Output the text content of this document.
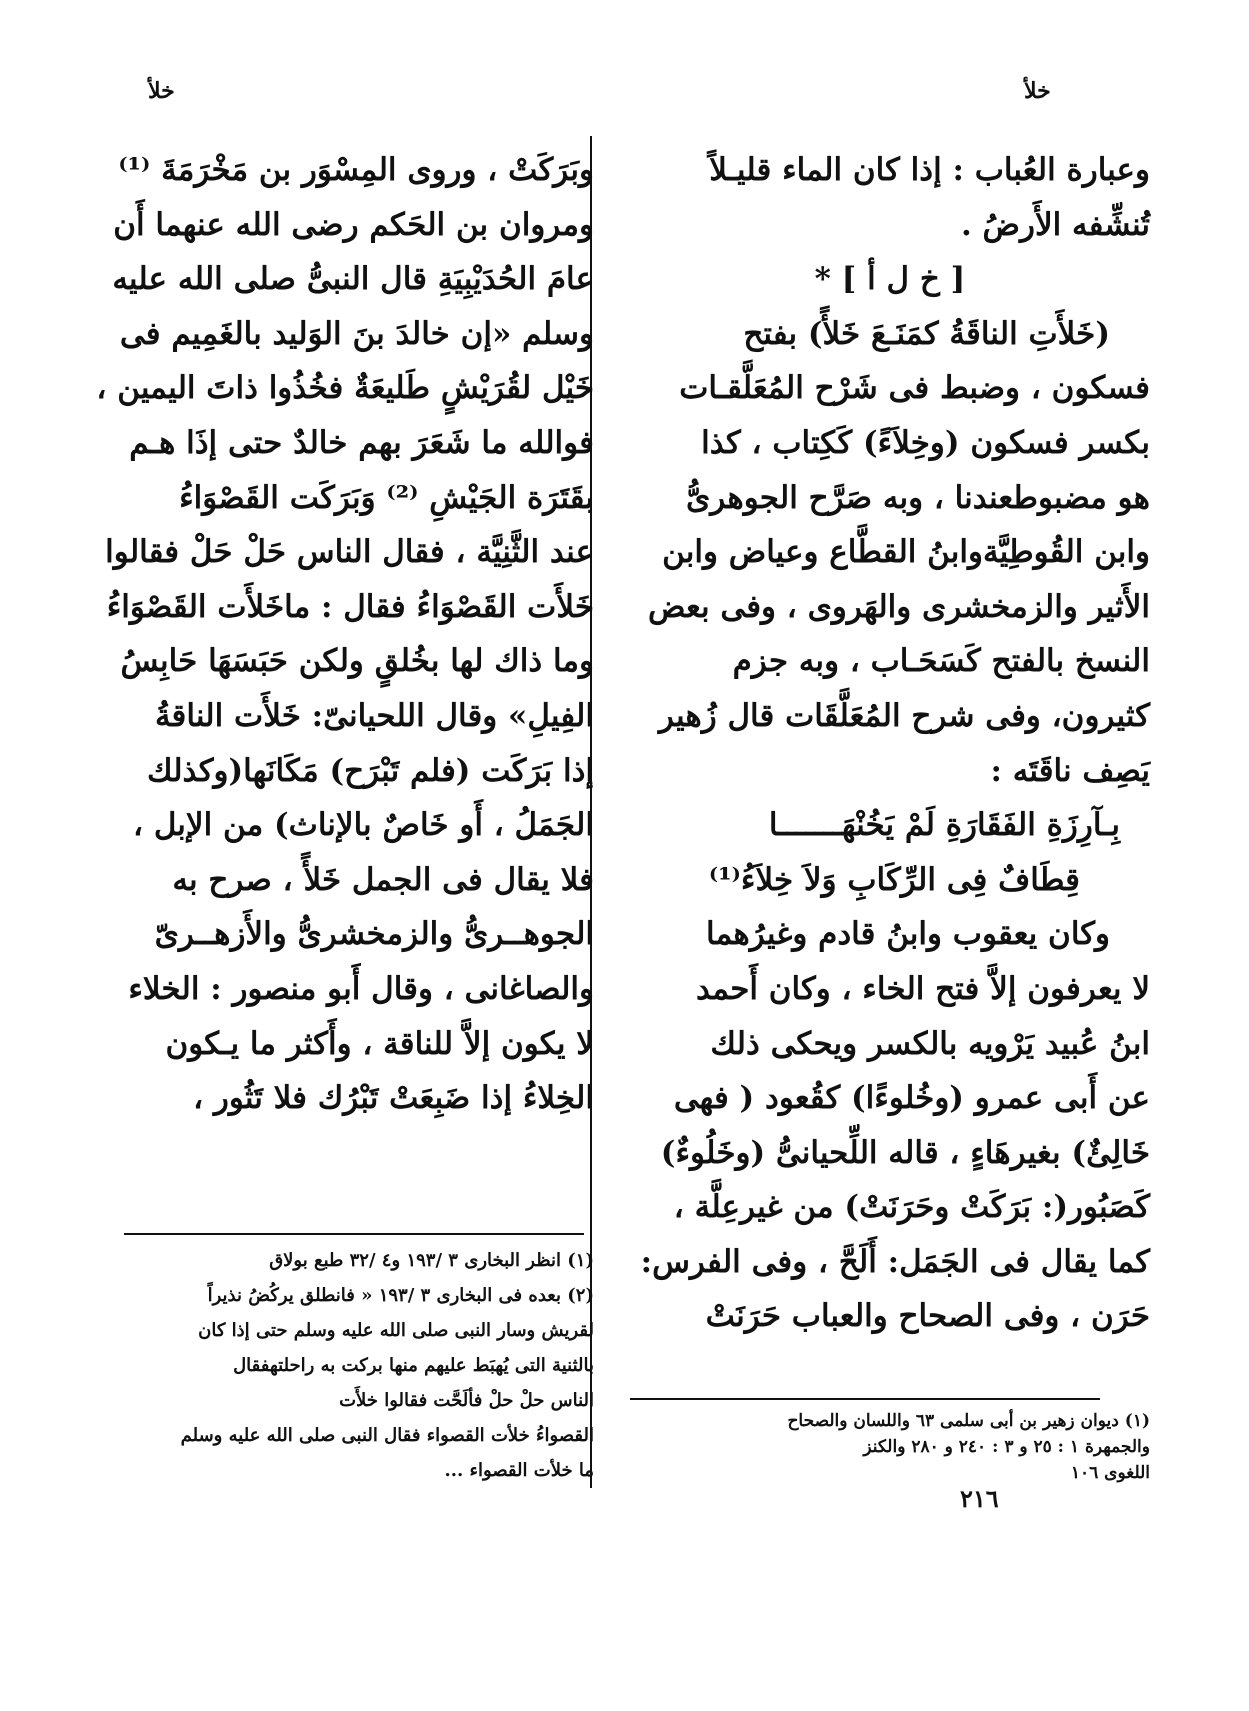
خلأ	خلأ
وعبارة العُباب : إذا كان الماء قليـلاً
تُنشِّفه الأَرضُ .
[ خ ل أ ] *
(خَلأَتِ الناقَةُ كمَنَـعَ خَلأً) بفتح
فسكون ، وضبط فى شَرْح المُعَلَّقـات
بكسر فسكون (وخِلاَءً) كَكِتاب ، كذا
هو مضبوطعندنا ، وبه صَرَّح الجوهرىُّ
وابن القُوطِيَّةوابنُ القطَّاع وعياض وابن
الأَثير والزمخشرى والهَروى ، وفى بعض
النسخ بالفتح كَسَحَـاب ، وبه جزم
كثيرون، وفى شرح المُعَلَّقَات قال زُهير
يَصِف ناقَتَه :
بِـآرِزَةِ الفَقَارَةِ لَمْ يَخُنْهَـــــــا
قِطَافٌ فِى الرِّكَابِ وَلاَ خِلاَءُ⁽¹⁾
وكان يعقوب وابنُ قادم وغيرُهما
لا يعرفون إلاَّ فتح الخاء ، وكان أَحمد
ابنُ عُبيد يَرْويه بالكسر ويحكى ذلك
عن أَبى عمرو (وخُلوءًا) كقُعود ( فهى
خَالِئٌ) بغيرهَاءٍ ، قاله اللِّحيانىُّ (وخَلُوءٌ)
كَصَبُور(: بَرَكَتْ وحَرَنَتْ) من غيرعِلَّة ،
كما يقال فى الجَمَل: أَلَحَّ ، وفى الفرس:
حَرَن ، وفى الصحاح والعباب حَرَنَتْ
وبَرَكَتْ ، وروى المِسْوَر بن مَخْرَمَةَ ⁽¹⁾
ومروان بن الحَكم رضى الله عنهما أَن
عامَ الحُدَيْبِيَةِ قال النبىُّ صلى الله عليه
وسلم «إن خالدَ بنَ الوَليد بالغَمِيم فى
خَيْل لقُرَيْشٍ طَليعَةٌ فخُذُوا ذاتَ اليمين ،
فوالله ما شَعَرَ بهم خالدٌ حتى إذَا هـم
بقَتَرَة الجَيْشِ ⁽²⁾ وَبَرَكَت القَصْوَاءُ
عند الثَّنِيَّة ، فقال الناس حَلْ حَلْ فقالوا
خَلأَت القَصْوَاءُ فقال : ماخَلأَت القَصْوَاءُ
وما ذاك لها بخُلقٍ ولكن حَبَسَهَا حَابِسُ
الفِيلِ» وقال اللحيانىّ: خَلأَت الناقةُ
إذا بَرَكَت (فلم تَبْرَح) مَكَانَها(وكذلك
الجَمَلُ ، أَو خَاصٌ بالإناث) من الإبل ،
فلا يقال فى الجمل خَلأً ، صرح به
الجوهــرىُّ والزمخشرىُّ والأَزهــرىّ
والصاغانى ، وقال أَبو منصور : الخلاء
لا يكون إلاَّ للناقة ، وأَكثر ما يـكون
الخِلاءُ إذا ضَبِعَتْ تَبْرُك فلا تَثُور ،
(١) انظر البخارى ٣ /١٩٣ و٤ /٣٢ طبع بولاق
(٢) بعده فى البخارى ٣ /١٩٣ « فانطلق يركُضُ نذيراً
لقريش وسار النبى صلى الله عليه وسلم حتى إذا كان
بالثنية التى يُهبَط عليهم منها بركت به راحلتهفقال
الناس حلْ حلْ فألَحَّت فقالوا خلأَت
القصواءُ خلأت القصواء فقال النبى صلى الله عليه وسلم
ما خلأت القصواء ...
(١) ديوان زهير بن أبى سلمى ٦٣ واللسان والصحاح
والجمهرة ١ : ٢٥ و ٣ : ٢٤٠ و ٢٨٠ والكنز
اللغوى ١٠٦
٢١٦
